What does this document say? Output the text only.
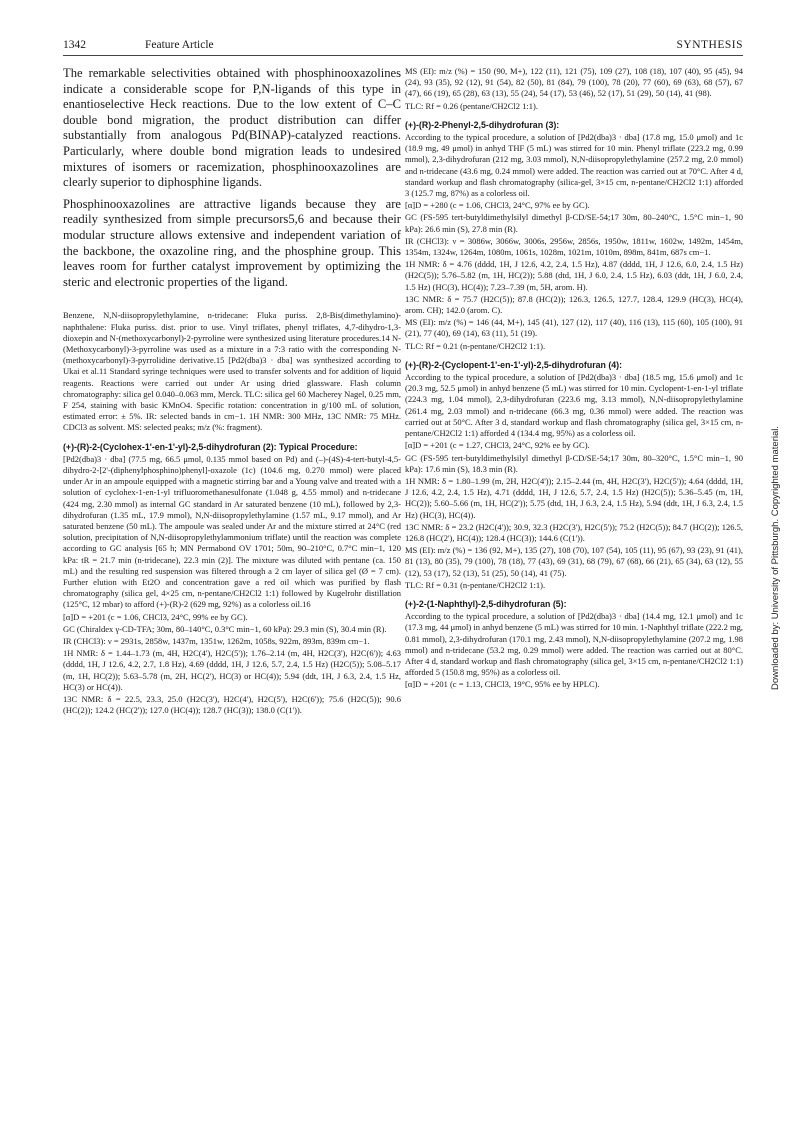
1342	Feature Article	SYNTHESIS

The remarkable selectivities obtained with phosphinooxazolines indicate a considerable scope for P,N-ligands of this type in enantioselective Heck reactions. Due to the low extent of C–C double bond migration, the product distribution can differ substantially from analogous Pd(BINAP)-catalyzed reactions. Particularly, where double bond migration leads to undesired mixtures of isomers or racemization, phosphinooxazolines are clearly superior to diphosphine ligands.

Phosphinooxazolines are attractive ligands because they are readily synthesized from simple precursors5,6 and because their modular structure allows extensive and independent variation of the backbone, the oxazoline ring, and the phosphine group. This leaves room for further catalyst improvement by optimizing the steric and electronic properties of the ligand.

Benzene, N,N-diisopropylethylamine, n-tridecane: Fluka puriss. 2,8-Bis(dimethylamino)-naphthalene: Fluka puriss. dist. prior to use. Vinyl triflates, phenyl triflates, 4,7-dihydro-1,3-dioxepin and N-(methoxycarbonyl)-2-pyrroline were synthesized using literature procedures.14 N-(Methoxycarbonyl)-3-pyrroline was used as a mixture in a 7:3 ratio with the corresponding N-(methoxycarbonyl)-3-pyrrolidine derivative.15 [Pd2(dba)3 · dba] was synthesized according to Ukai et al.11 Standard syringe techniques were used to transfer solvents and for addition of liquid reagents. Reactions were carried out under Ar using dried glassware. Flash column chromatography: silica gel 0.040–0.063 mm, Merck. TLC: silica gel 60 Macherey Nagel, 0.25 mm, F 254, staining with basic KMnO4. Specific rotation: concentration in g/100 mL of solution, estimated error: ± 5%. IR: selected bands in cm−1. 1H NMR: 300 MHz, 13C NMR: 75 MHz. CDCl3 as solvent. MS: selected peaks; m/z (%: fragment).

(+)-(R)-2-(Cyclohex-1'-en-1'-yl)-2,5-dihydrofuran (2): Typical Procedure:

[Pd2(dba)3 · dba] (77.5 mg, 66.5 μmol, 0.135 mmol based on Pd) and (–)-(4S)-4-tert-butyl-4,5-dihydro-2-[2'-(diphenylphosphino)phenyl]-oxazole (1c) (104.6 mg, 0.270 mmol) were placed under Ar in an ampoule equipped with a magnetic stirring bar and a Young valve and treated with a solution of cyclohex-1-en-1-yl trifluoromethanesulfonate (1.048 g, 4.55 mmol) and n-tridecane (424 mg, 2.30 mmol) as internal GC standard in Ar saturated benzene (10 mL), followed by 2,3-dihydrofuran (1.35 mL, 17.9 mmol), N,N-diisopropylethylamine (1.57 mL, 9.17 mmol), and Ar saturated benzene (50 mL). The ampoule was sealed under Ar and the mixture stirred at 24°C (red solution, precipitation of N,N-diisopropylethylammonium triflate) until the reaction was complete according to GC analysis [65 h; MN Permabond OV 1701; 50m, 90–210°C, 0.7°C min−1, 120 kPa: tR = 21.7 min (n-tridecane), 22.3 min (2)]. The mixture was diluted with pentane (ca. 150 mL) and the resulting red suspension was filtered through a 2 cm layer of silica gel (Ø = 7 cm). Further elution with Et2O and concentration gave a red oil which was purified by flash chromatography (silica gel, 4×25 cm, n-pentane/CH2Cl2 1:1) followed by Kugelrohr distillation (125°C, 12 mbar) to afford (+)-(R)-2 (629 mg, 92%) as a colorless oil.16

[α]D = +201 (c = 1.06, CHCl3, 24°C, 99% ee by GC).

GC (Chiraldex γ-CD-TFA; 30m, 80–140°C, 0.3°C min−1, 60 kPa): 29.3 min (S), 30.4 min (R).

IR (CHCl3): ν = 2931s, 2858w, 1437m, 1351w, 1262m, 1058s, 922m, 893m, 839m cm−1.

1H NMR: δ = 1.44–1.73 (m, 4H, H2C(4'), H2C(5')); 1.76–2.14 (m, 4H, H2C(3'), H2C(6')); 4.63 (dddd, 1H, J 12.6, 4.2, 2.7, 1.8 Hz), 4.69 (dddd, 1H, J 12.6, 5.7, 2.4, 1.5 Hz) (H2C(5)); 5.08–5.17 (m, 1H, HC(2)); 5.63–5.78 (m, 2H, HC(2'), HC(3) or HC(4)); 5.94 (ddt, 1H, J 6.3, 2.4, 1.5 Hz, HC(3) or HC(4)).

13C NMR: δ = 22.5, 23.3, 25.0 (H2C(3'), H2C(4'), H2C(5'), H2C(6')); 75.6 (H2C(5)); 90.6 (HC(2)); 124.2 (HC(2')); 127.0 (HC(4)); 128.7 (HC(3)); 138.0 (C(1')).

MS (EI): m/z (%) = 150 (90, M+), 122 (11), 121 (75), 109 (27), 108 (18), 107 (40), 95 (45), 94 (24), 93 (35), 92 (12), 91 (54), 82 (50), 81 (84), 79 (100), 78 (20), 77 (60), 69 (63), 68 (57), 67 (47), 66 (19), 65 (28), 63 (13), 55 (24), 54 (17), 53 (46), 52 (17), 51 (29), 50 (14), 41 (98).

TLC: Rf = 0.26 (pentane/CH2Cl2 1:1).

(+)-(R)-2-Phenyl-2,5-dihydrofuran (3):

According to the typical procedure, a solution of [Pd2(dba)3 · dba] (17.8 mg, 15.0 μmol) and 1c (18.9 mg, 49 μmol) in anhyd THF (5 mL) was stirred for 10 min. Phenyl triflate (223.2 mg, 0.99 mmol), 2,3-dihydrofuran (212 mg, 3.03 mmol), N,N-diisopropylethylamine (257.2 mg, 2.0 mmol) and n-tridecane (43.6 mg, 0.24 mmol) were added. The reaction was carried out at 70°C. After 4 d, standard workup and flash chromatography (silica-gel, 3×15 cm, n-pentane/CH2Cl2 1:1) afforded 3 (125.7 mg, 87%) as a colorless oil.

[α]D = +280 (c = 1.06, CHCl3, 24°C, 97% ee by GC).

GC (FS-595 tert-butyldimethylsilyl dimethyl β-CD/SE-54;17 30m, 80–240°C, 1.5°C min−1, 90 kPa): 26.6 min (S), 27.8 min (R).

IR (CHCl3): ν = 3086w, 3066w, 3006s, 2956w, 2856s, 1950w, 1811w, 1602w, 1492m, 1454m, 1354m, 1324w, 1264m, 1080m, 1061s, 1028m, 1021m, 1010m, 898m, 841m, 687s cm−1.

1H NMR: δ = 4.76 (dddd, 1H, J 12.6, 4.2, 2.4, 1.5 Hz), 4.87 (dddd, 1H, J 12.6, 6.0, 2.4, 1.5 Hz) (H2C(5)); 5.76–5.82 (m, 1H, HC(2)); 5.88 (dtd, 1H, J 6.0, 2.4, 1.5 Hz), 6.03 (ddt, 1H, J 6.0, 2.4, 1.5 Hz) (HC(3), HC(4)); 7.23–7.39 (m, 5H, arom. H).

13C NMR: δ = 75.7 (H2C(5)); 87.8 (HC(2)); 126.3, 126.5, 127.7, 128.4, 129.9 (HC(3), HC(4), arom. CH); 142.0 (arom. C).

MS (EI): m/z (%) = 146 (44, M+), 145 (41), 127 (12), 117 (40), 116 (13), 115 (60), 105 (100), 91 (21), 77 (40), 69 (14), 63 (11), 51 (19).

TLC: Rf = 0.21 (n-pentane/CH2Cl2 1:1).

(+)-(R)-2-(Cyclopent-1'-en-1'-yl)-2,5-dihydrofuran (4):

According to the typical procedure, a solution of [Pd2(dba)3 · dba] (18.5 mg, 15.6 μmol) and 1c (20.3 mg, 52.5 μmol) in anhyd benzene (5 mL) was stirred for 10 min. Cyclopent-1-en-1-yl triflate (224.3 mg, 1.04 mmol), 2,3-dihydrofuran (223.6 mg, 3.13 mmol), N,N-diisopropylethylamine (261.4 mg, 2.03 mmol) and n-tridecane (66.3 mg, 0.36 mmol) were added. The reaction was carried out at 50°C. After 3 d, standard workup and flash chromatography (silica gel, 3×15 cm, n-pentane/CH2Cl2 1:1) afforded 4 (134.4 mg, 95%) as a colorless oil.

[α]D = +201 (c = 1.27, CHCl3, 24°C, 92% ee by GC).

GC (FS-595 tert-butyldimethylsilyl dimethyl β-CD/SE-54;17 30m, 80–320°C, 1.5°C min−1, 90 kPa): 17.6 min (S), 18.3 min (R).

1H NMR: δ = 1.80–1.99 (m, 2H, H2C(4')); 2.15–2.44 (m, 4H, H2C(3'), H2C(5')); 4.64 (dddd, 1H, J 12.6, 4.2, 2.4, 1.5 Hz), 4.71 (dddd, 1H, J 12.6, 5.7, 2.4, 1.5 Hz) (H2C(5)); 5.36–5.45 (m, 1H, HC(2)); 5.60–5.66 (m, 1H, HC(2')); 5.75 (dtd, 1H, J 6.3, 2.4, 1.5 Hz), 5.94 (ddt, 1H, J 6.3, 2.4, 1.5 Hz) (HC(3), HC(4)).

13C NMR: δ = 23.2 (H2C(4')); 30.9, 32.3 (H2C(3'), H2C(5')); 75.2 (H2C(5)); 84.7 (HC(2)); 126.5, 126.8 (HC(2'), HC(4)); 128.4 (HC(3)); 144.6 (C(1')).

MS (EI): m/z (%) = 136 (92, M+), 135 (27), 108 (70), 107 (54), 105 (11), 95 (67), 93 (23), 91 (41), 81 (13), 80 (35), 79 (100), 78 (18), 77 (43), 69 (31), 68 (79), 67 (68), 66 (21), 65 (34), 63 (12), 55 (12), 53 (17), 52 (13), 51 (25), 50 (14), 41 (75).

TLC: Rf = 0.31 (n-pentane/CH2Cl2 1:1).

(+)-2-(1-Naphthyl)-2,5-dihydrofuran (5):

According to the typical procedure, a solution of [Pd2(dba)3 · dba] (14.4 mg, 12.1 μmol) and 1c (17.3 mg, 44 μmol) in anhyd benzene (5 mL) was stirred for 10 min. 1-Naphthyl triflate (222.2 mg, 0.81 mmol), 2,3-dihydrofuran (170.1 mg, 2.43 mmol), N,N-diisopropylethylamine (207.2 mg, 1.98 mmol) and n-tridecane (53.2 mg, 0.29 mmol) were added. The reaction was carried out at 80°C. After 4 d, standard workup and flash chromatography (silica gel, 3×15 cm, n-pentane/CH2Cl2 1:1) afforded 5 (150.8 mg, 95%) as a colorless oil.

[α]D = +201 (c = 1.13, CHCl3, 19°C, 95% ee by HPLC).	Downloaded by: University of Pittsburgh. Copyrighted material.
